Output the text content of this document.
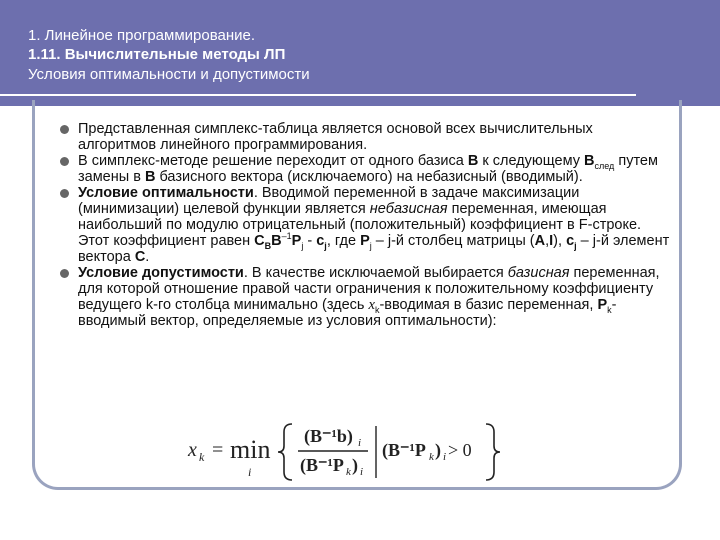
1. Линейное программирование.
1.11. Вычислительные методы ЛП
Условия оптимальности и допустимости
Представленная симплекс-таблица является основой всех вычислительных алгоритмов линейного программирования.
В симплекс-методе решение переходит от одного базиса B к следующему $B_{след}$ путем замены в B базисного вектора (исключаемого) на небазисный (вводимый).
Условие оптимальности. Вводимой переменной в задаче максимизации (минимизации) целевой функции является небазисная переменная, имеющая наибольший по модулю отрицательный (положительный) коэффициент в F-строке. Этот коэффициент равен $C_BB^{-1}P_j - c_j$, где $P_j - j-й$ столбец матрицы (A,I), $c_j - j-й$ элемент вектора C.
Условие допустимости. В качестве исключаемой выбирается базисная переменная, для которой отношение правой части ограничения к положительному коэффициенту ведущего k-го столбца минимально (здесь $x_k$-вводимая в базис переменная, $P_k$-вводимый вектор, определяемые из условия оптимальности):
x k = min
i
(B⁻¹b) i
(B⁻¹P k ) i
(B⁻¹P k ) i > 0
